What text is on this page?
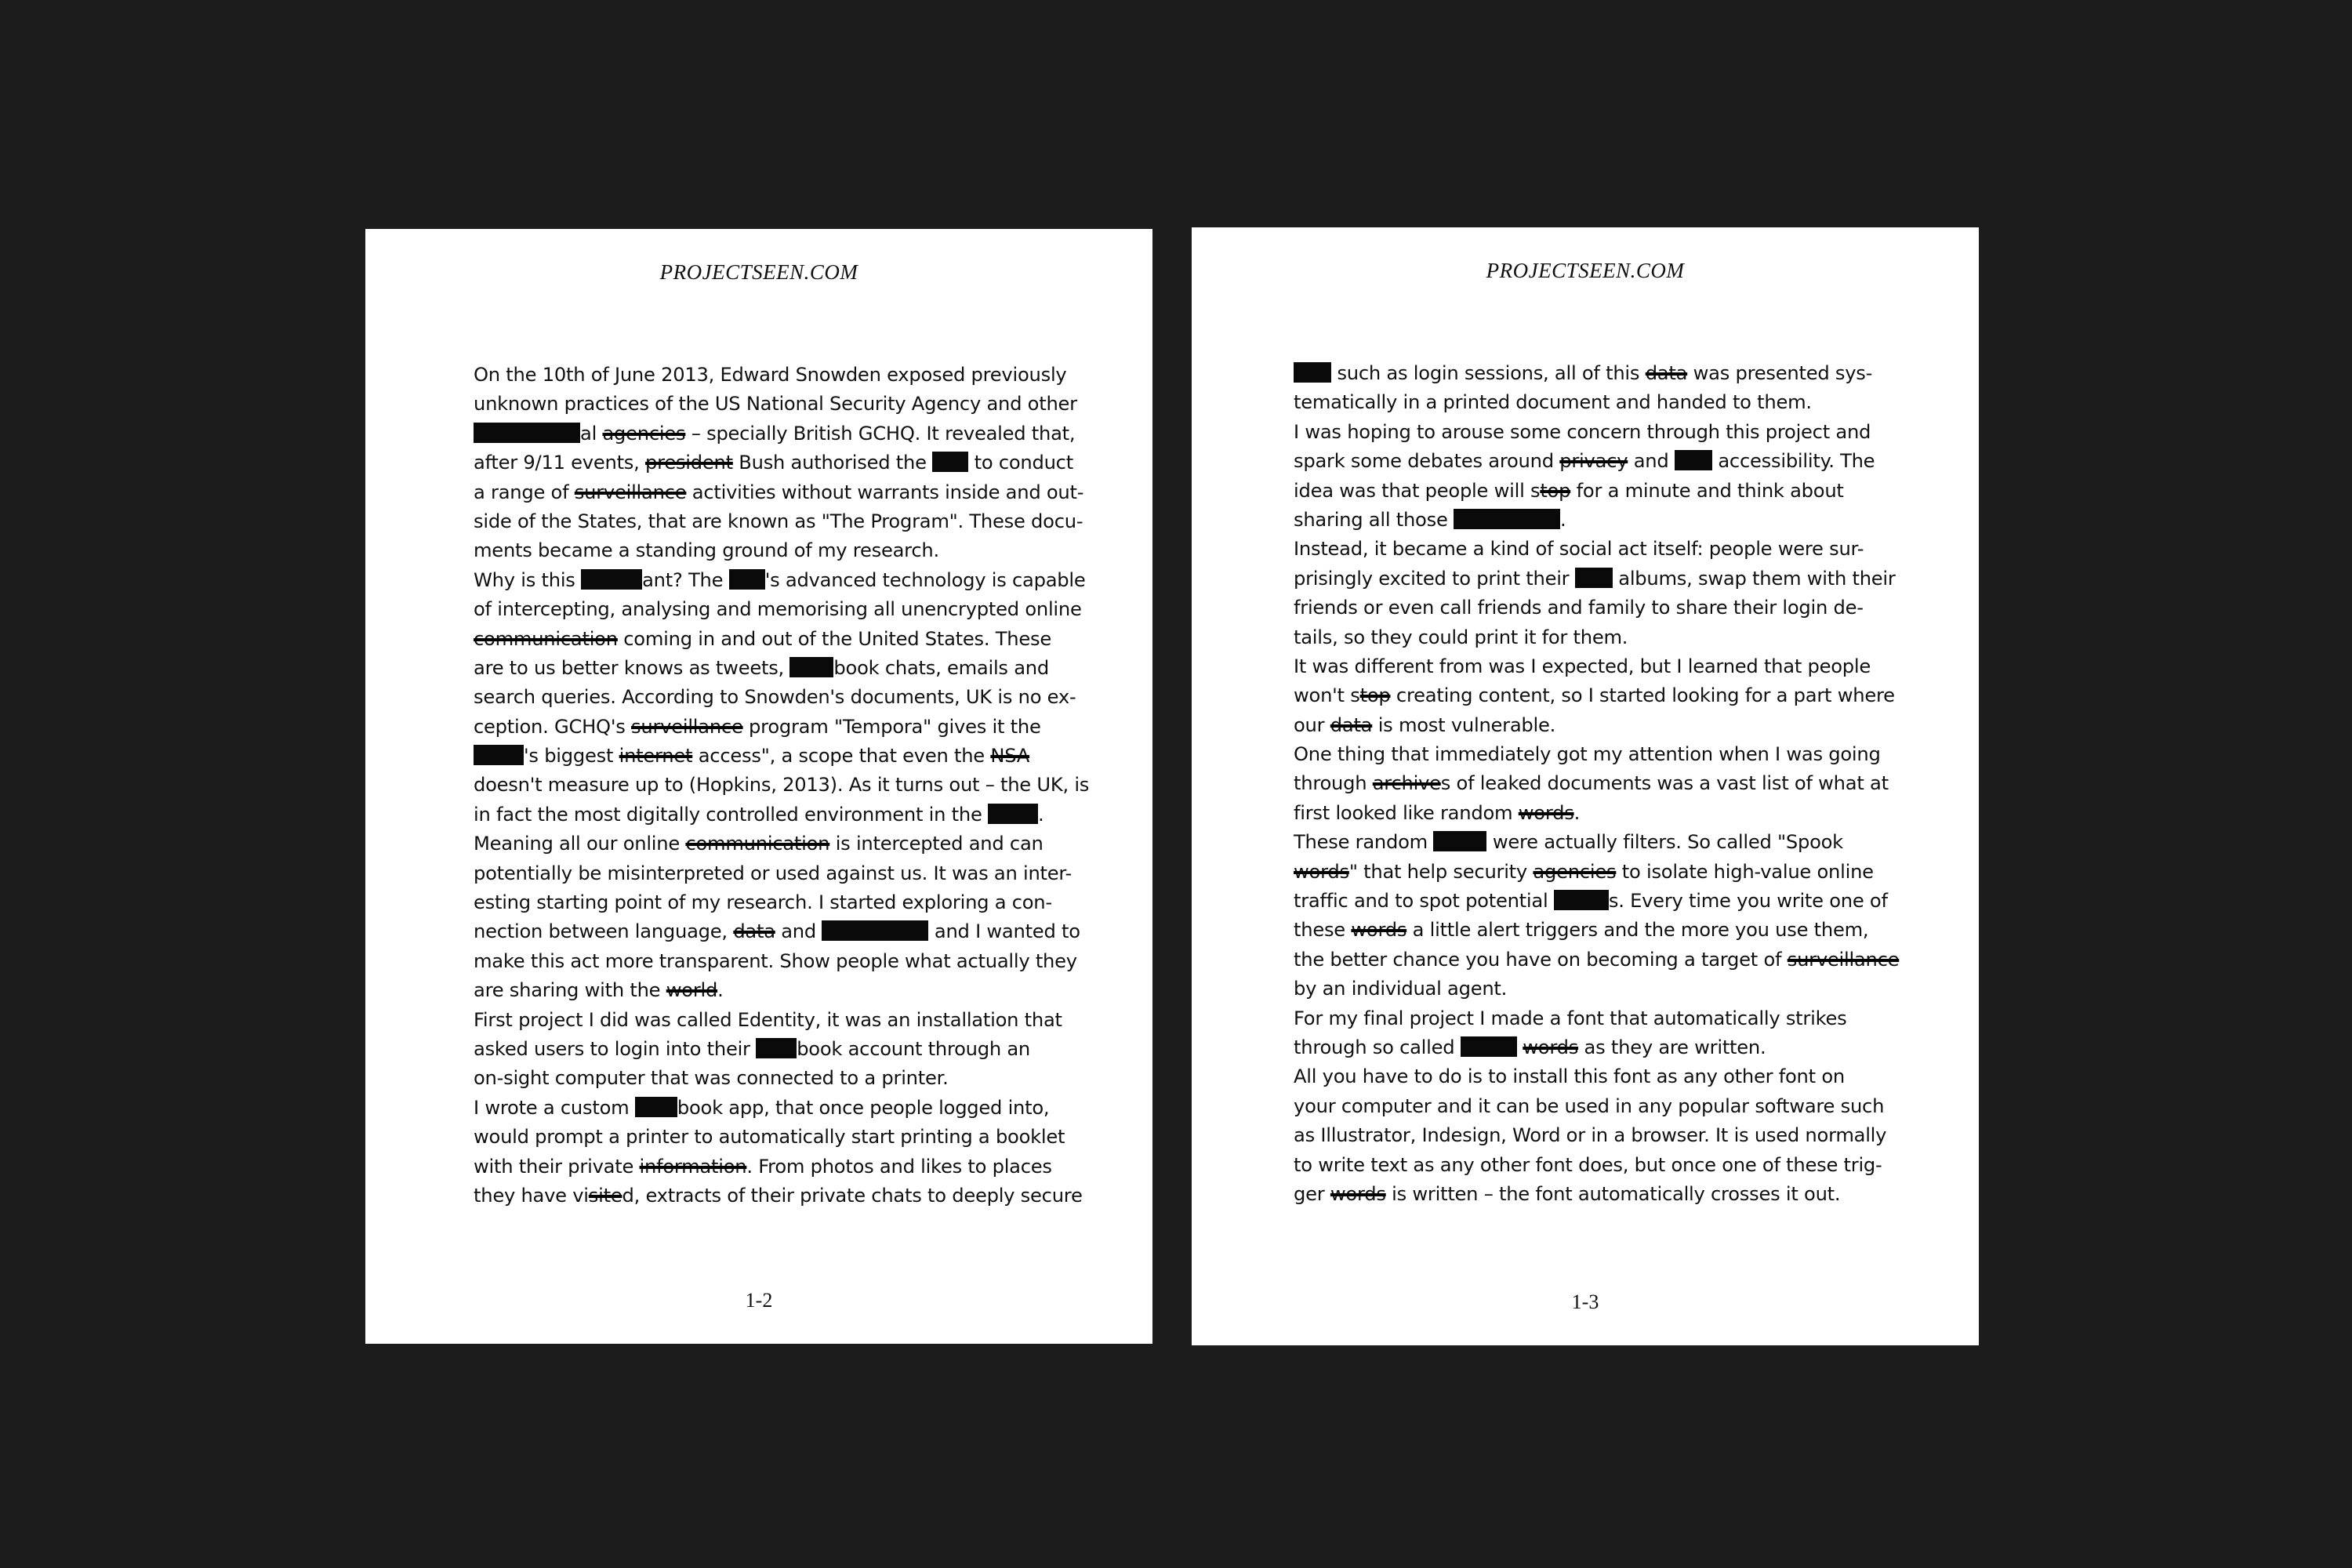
PROJECTSEEN.COM
On the 10th of June 2013, Edward Snowden exposed previously
unknown practices of the US National Security Agency and other
al agencies – specially British GCHQ. It revealed that,
after 9/11 events, president Bush authorised the  to conduct
a range of surveillance activities without warrants inside and out-
side of the States, that are known as "The Program". These docu-
ments became a standing ground of my research.
Why is this	ant? The 's advanced technology is capable
of intercepting, analysing and memorising all unencrypted online
communication coming in and out of the United States. These
are to us better knows as tweets, book chats, emails and
search queries. According to Snowden's documents, UK is no ex-
ception. GCHQ's surveillance program "Tempora" gives it the
's biggest internet access", a scope that even the NSA
doesn't measure up to (Hopkins, 2013). As it turns out – the UK, is
in fact the most digitally controlled environment in the	.
Meaning all our online communication is intercepted and can
potentially be misinterpreted or used against us. It was an inter-
esting starting point of my research. I started exploring a con-
nection between language, data and	and I wanted to
make this act more transparent. Show people what actually they
are sharing with the world.
First project I did was called Edentity, it was an installation that
asked users to login into their book account through an
on-sight computer that was connected to a printer.
I wrote a custom book app, that once people logged into,
would prompt a printer to automatically start printing a booklet
with their private information. From photos and likes to places
they have visited, extracts of their private chats to deeply secure
1-2
PROJECTSEEN.COM
such as login sessions, all of this data was presented sys-
tematically in a printed document and handed to them.
I was hoping to arouse some concern through this project and
spark some debates around privacy and  accessibility. The
idea was that people will stop for a minute and think about
sharing all those	.
Instead, it became a kind of social act itself: people were sur-
prisingly excited to print their  albums, swap them with their
friends or even call friends and family to share their login de-
tails, so they could print it for them.
It was different from was I expected, but I learned that people
won't stop creating content, so I started looking for a part where
our data is most vulnerable.
One thing that immediately got my attention when I was going
through archives of leaked documents was a vast list of what at
first looked like random words.
These random	were actually filters. So called "Spook
words" that help security agencies to isolate high-value online
traffic and to spot potential	s. Every time you write one of
these words a little alert triggers and the more you use them,
the better chance you have on becoming a target of surveillance
by an individual agent.
For my final project I made a font that automatically strikes
through so called	words as they are written.
All you have to do is to install this font as any other font on
your computer and it can be used in any popular software such
as Illustrator, Indesign, Word or in a browser. It is used normally
to write text as any other font does, but once one of these trig-
ger words is written – the font automatically crosses it out.
1-3
